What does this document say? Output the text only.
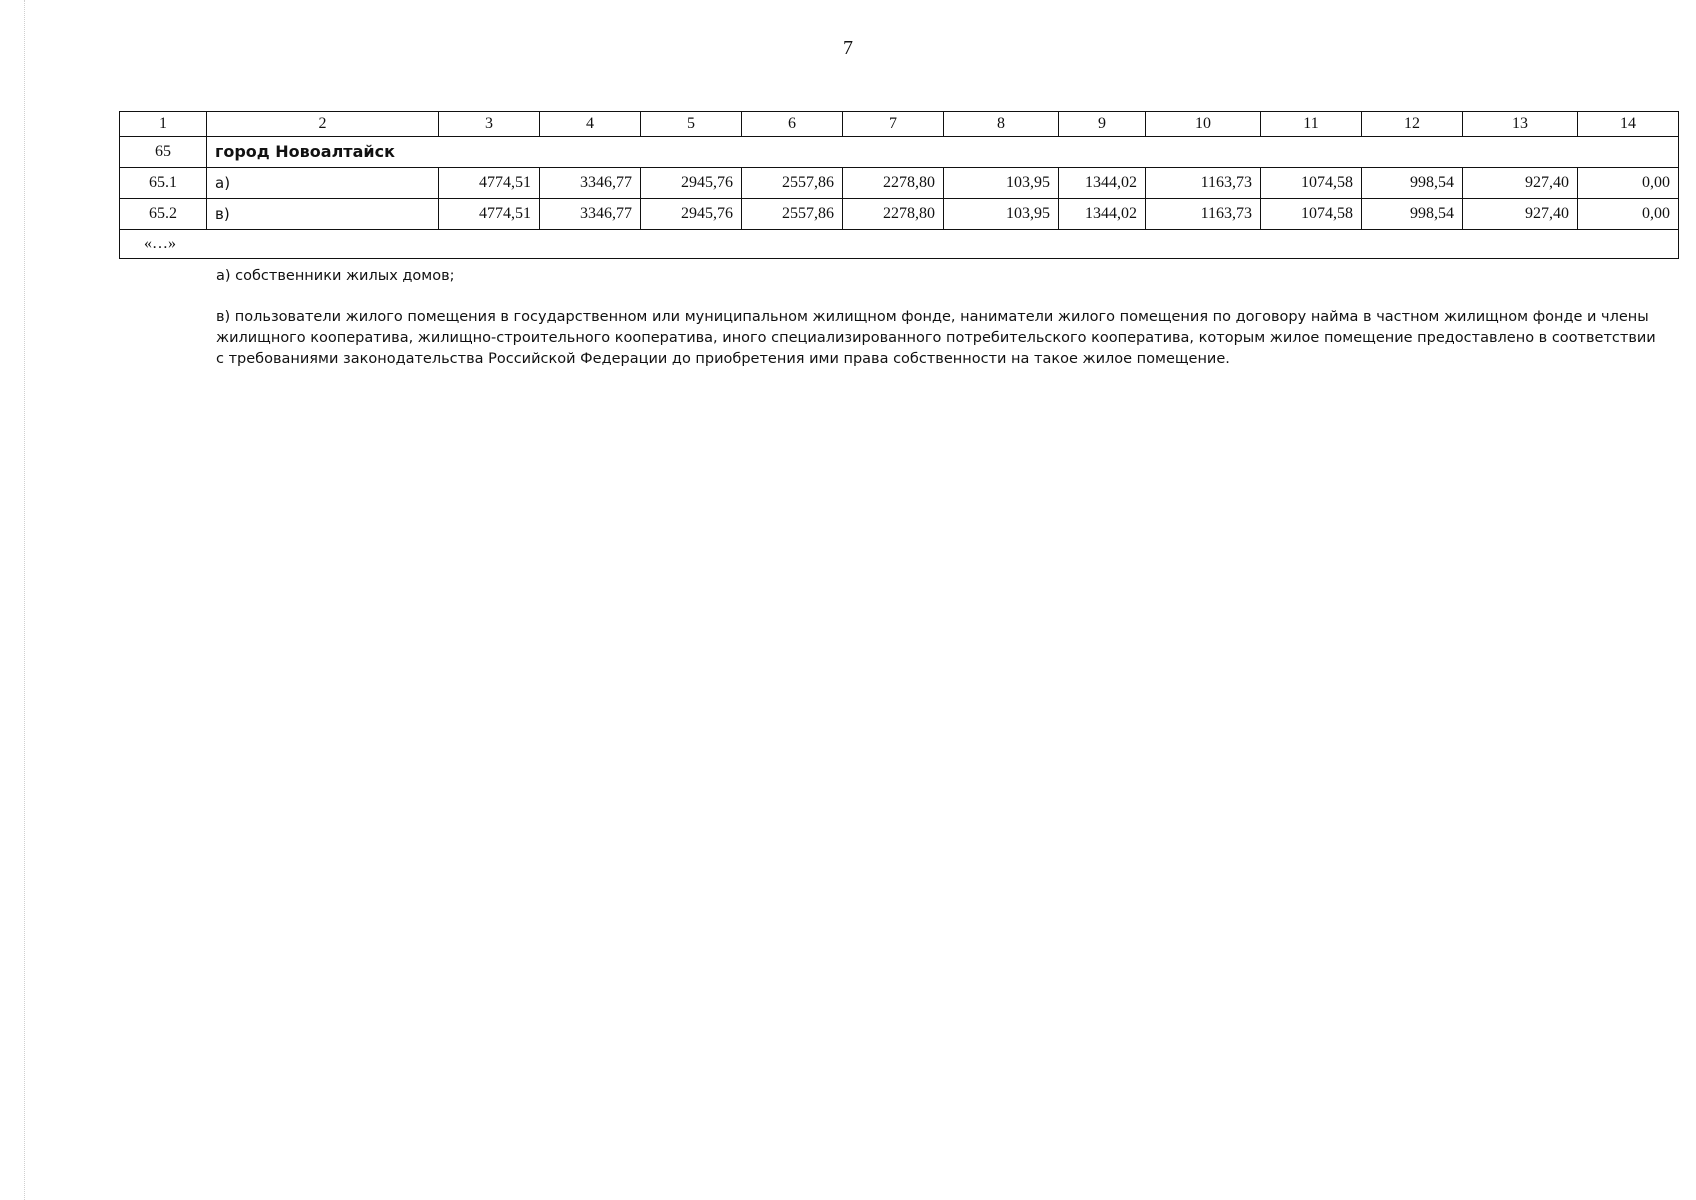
7
1	2	3	4	5	6	7	8	9	10	11	12	13	14
65	город Новоалтайск												
65.1	а)	4774,51	3346,77	2945,76	2557,86	2278,80	103,95	1344,02	1163,73	1074,58	998,54	927,40	0,00
65.2	в)	4774,51	3346,77	2945,76	2557,86	2278,80	103,95	1344,02	1163,73	1074,58	998,54	927,40	0,00
«…»													

а) собственники жилых домов;

в) пользователи жилого помещения в государственном или муниципальном жилищном фонде, наниматели жилого помещения по договору найма в частном жилищном фонде и члены жилищного кооператива, жилищно-строительного кооператива, иного специализированного потребительского кооператива, которым жилое помещение предоставлено в соответствии с требованиями законодательства Российской Федерации до приобретения ими права собственности на такое жилое помещение.
